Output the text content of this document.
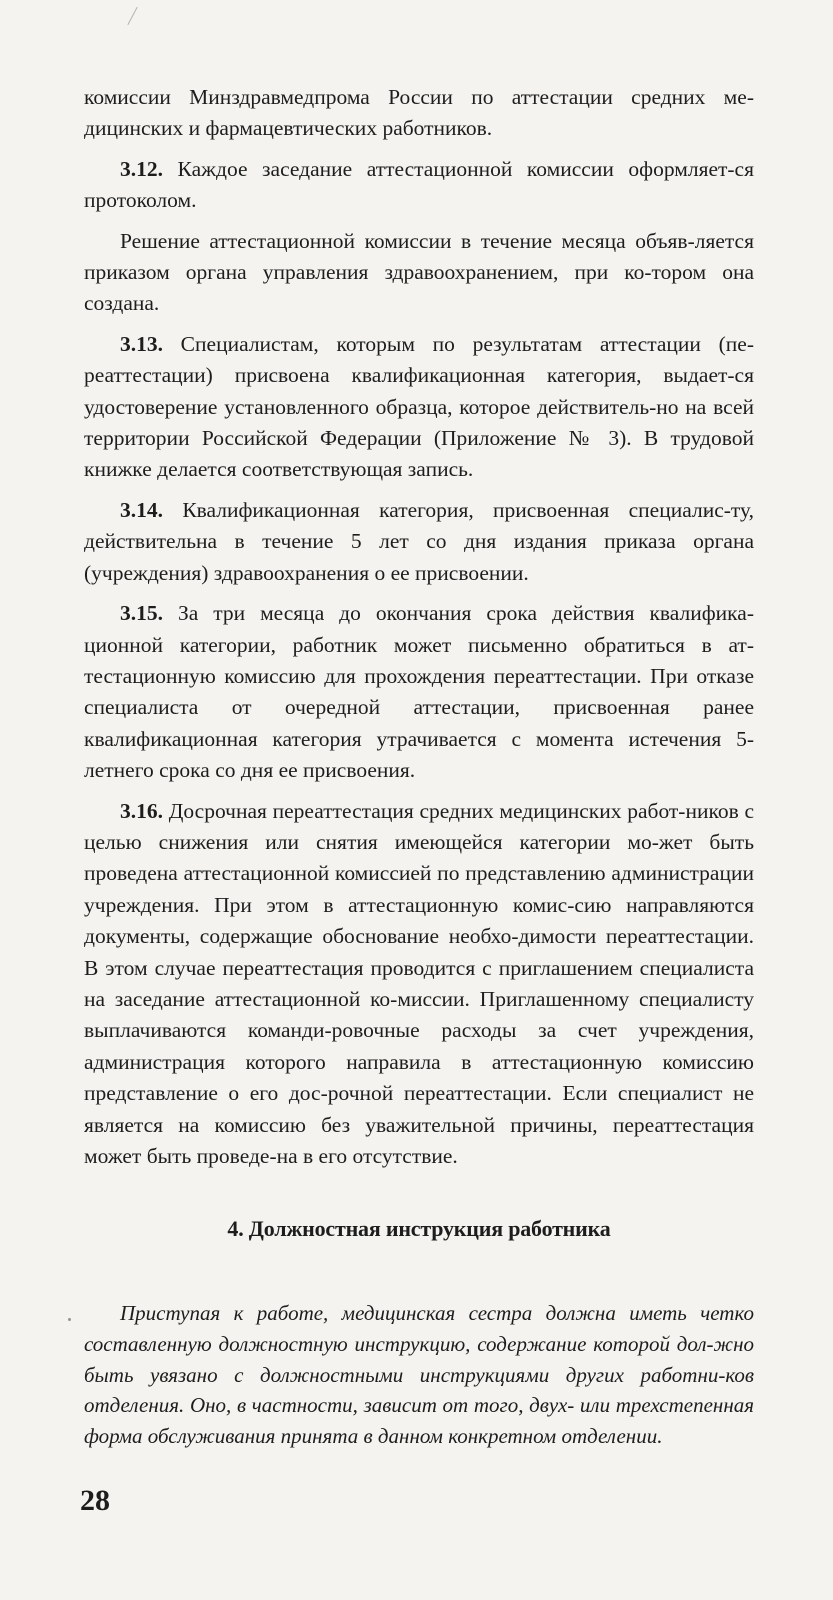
комиссии Минздравмедпрома России по аттестации средних ме-дицинских и фармацевтических работников.

3.12. Каждое заседание аттестационной комиссии оформляет-ся протоколом.

Решение аттестационной комиссии в течение месяца объяв-ляется приказом органа управления здравоохранением, при ко-тором она создана.

3.13. Специалистам, которым по результатам аттестации (пе-реаттестации) присвоена квалификационная категория, выдает-ся удостоверение установленного образца, которое действитель-но на всей территории Российской Федерации (Приложение № 3). В трудовой книжке делается соответствующая запись.

3.14. Квалификационная категория, присвоенная специалис-ту, действительна в течение 5 лет со дня издания приказа органа (учреждения) здравоохранения о ее присвоении.

3.15. За три месяца до окончания срока действия квалифика-ционной категории, работник может письменно обратиться в ат-тестационную комиссию для прохождения переаттестации. При отказе специалиста от очередной аттестации, присвоенная ранее квалификационная категория утрачивается с момента истечения 5-летнего срока со дня ее присвоения.

3.16. Досрочная переаттестация средних медицинских работ-ников с целью снижения или снятия имеющейся категории мо-жет быть проведена аттестационной комиссией по представлению администрации учреждения. При этом в аттестационную комис-сию направляются документы, содержащие обоснование необхо-димости переаттестации. В этом случае переаттестация проводится с приглашением специалиста на заседание аттестационной ко-миссии. Приглашенному специалисту выплачиваются команди-ровочные расходы за счет учреждения, администрация которого направила в аттестационную комиссию представление о его дос-рочной переаттестации. Если специалист не является на комиссию без уважительной причины, переаттестация может быть проведе-на в его отсутствие.

4. Должностная инструкция работника

Приступая к работе, медицинская сестра должна иметь четко составленную должностную инструкцию, содержание которой дол-жно быть увязано с должностными инструкциями других работни-ков отделения. Оно, в частности, зависит от того, двух- или трехстепенная форма обслуживания принята в данном конкретном отделении.

28
